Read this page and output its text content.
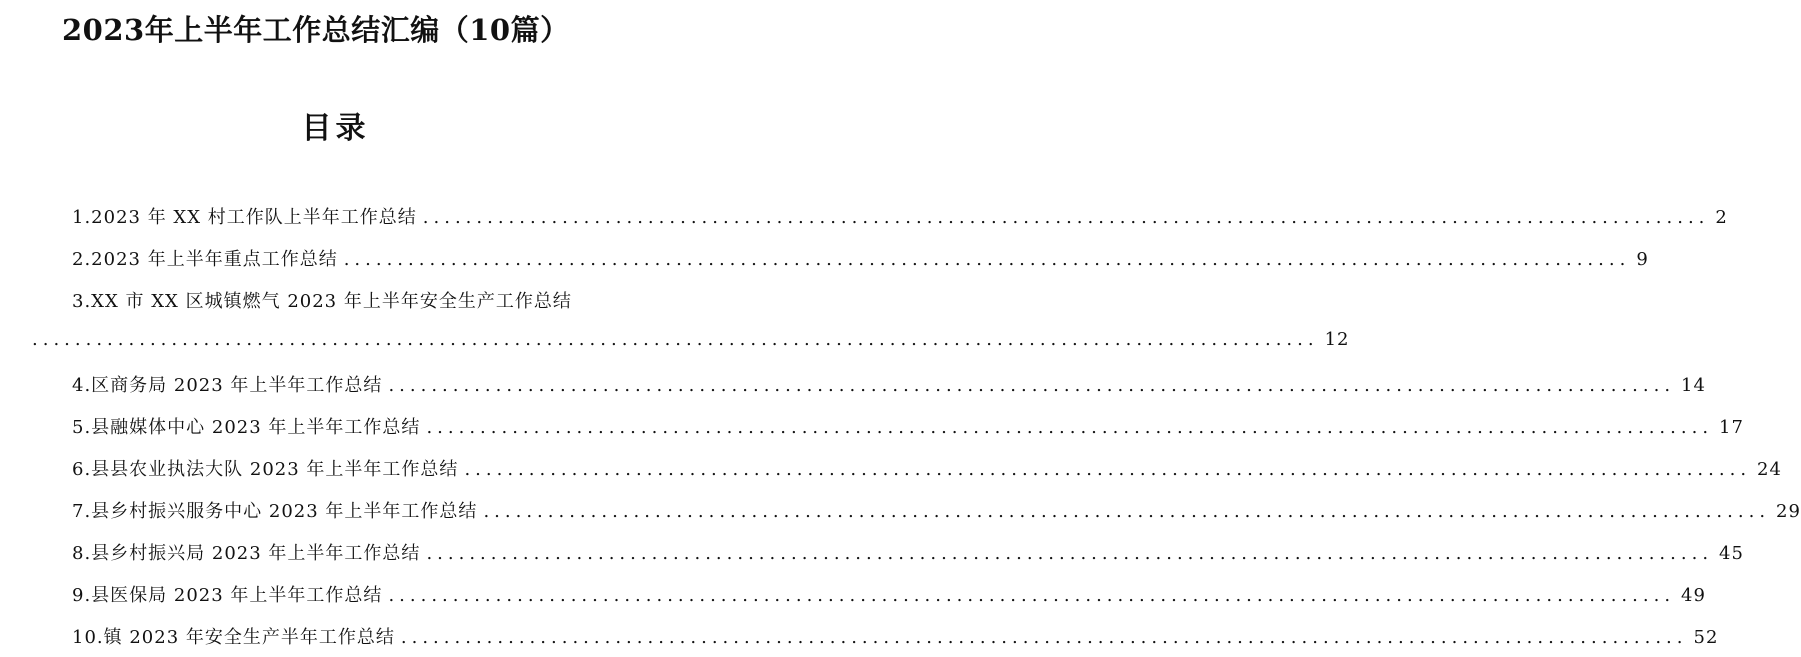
2023年上半年工作总结汇编（10篇）
目录
1.2023 年 XX 村工作队上半年工作总结 ........................................................................................................................ 2
2.2023 年上半年重点工作总结 ........................................................................................................................ 9
3.XX 市 XX 区城镇燃气 2023 年上半年安全生产工作总结
........................................................................................................................ 12
4.区商务局 2023 年上半年工作总结 ........................................................................................................................ 14
5.县融媒体中心 2023 年上半年工作总结 ........................................................................................................................ 17
6.县县农业执法大队 2023 年上半年工作总结 ........................................................................................................................ 24
7.县乡村振兴服务中心 2023 年上半年工作总结 ........................................................................................................................ 29
8.县乡村振兴局 2023 年上半年工作总结 ........................................................................................................................ 45
9.县医保局 2023 年上半年工作总结 ........................................................................................................................ 49
10.镇 2023 年安全生产半年工作总结 ........................................................................................................................ 52
